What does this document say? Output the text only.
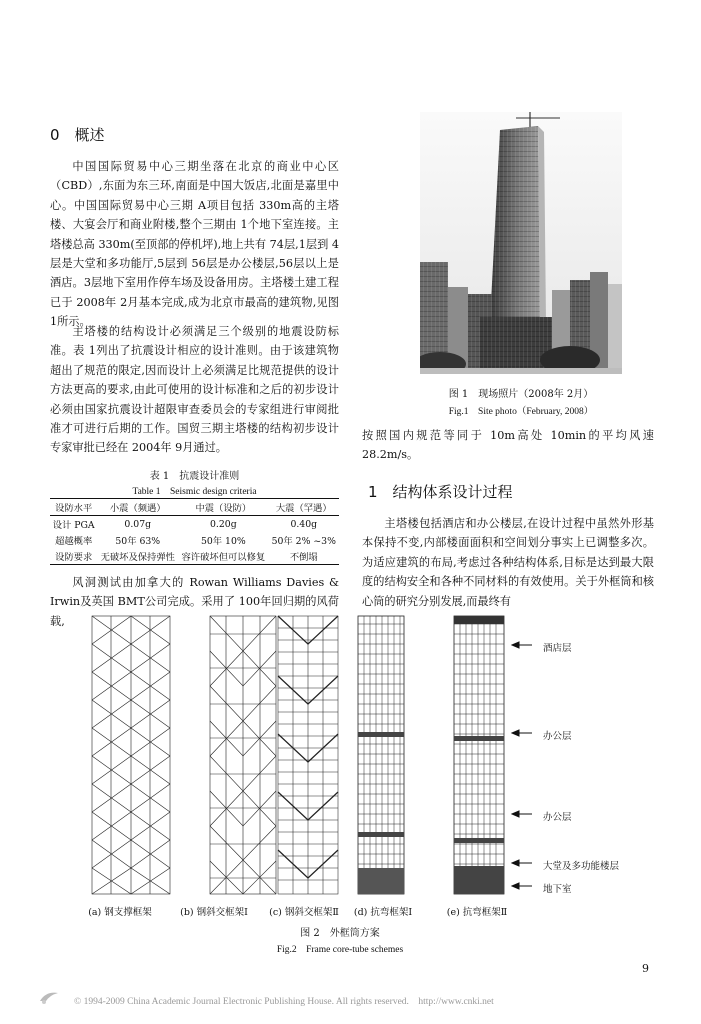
0　概述
中国国际贸易中心三期坐落在北京的商业中心区（CBD）,东面为东三环,南面是中国大饭店,北面是嘉里中心。中国国际贸易中心三期 A项目包括 330m高的主塔楼、大宴会厅和商业附楼,整个三期由 1个地下室连接。主塔楼总高 330m(至顶部的停机坪),地上共有 74层,1层到 4层是大堂和多功能厅,5层到 56层是办公楼层,56层以上是酒店。3层地下室用作停车场及设备用房。主塔楼土建工程已于 2008年 2月基本完成,成为北京市最高的建筑物,见图 1所示。
主塔楼的结构设计必须满足三个级别的地震设防标准。表 1列出了抗震设计相应的设计准则。由于该建筑物超出了规范的限定,因而设计上必须满足比规范提供的设计方法更高的要求,由此可使用的设计标准和之后的初步设计必须由国家抗震设计超限审查委员会的专家组进行审阅批准才可进行后期的工作。国贸三期主塔楼的结构初步设计专家审批已经在 2004年 9月通过。
表 1　抗震设计准则
Table 1　Seismic design criteria
设防水平	小震（频遇）	中震（设防）	大震（罕遇）
设计 PGA	0.07g	0.20g	0.40g
超越概率	50年 63%	50年 10%	50年 2% ~3%
设防要求	无破坏及保持弹性	容许破坏但可以修复	不倒塌
风洞测试由加拿大的 Rowan Williams Davies & Irwin及英国 BMT公司完成。采用了 100年回归期的风荷载,
图 1　现场照片（2008年 2月）
Fig.1　Site photo（February, 2008）
按照国内规范等同于 10m高处 10min的平均风速 28.2m/s。
1　结构体系设计过程
主塔楼包括酒店和办公楼层,在设计过程中虽然外形基本保持不变,内部楼面面积和空间划分事实上已调整多次。为适应建筑的布局,考虑过各种结构体系,目标是达到最大限度的结构安全和各种不同材料的有效使用。关于外框筒和核心筒的研究分别发展,而最终有
酒店层
办公层
办公层
大堂及多功能楼层
地下室
(a) 钢支撑框架	(b) 钢斜交框架Ⅰ	(c) 钢斜交框架Ⅱ	(d) 抗弯框架Ⅰ	(e) 抗弯框架Ⅱ
图 2　外框筒方案
Fig.2　Frame core-tube schemes
9
© 1994-2009 China Academic Journal Electronic Publishing House. All rights reserved.　http://www.cnki.net
